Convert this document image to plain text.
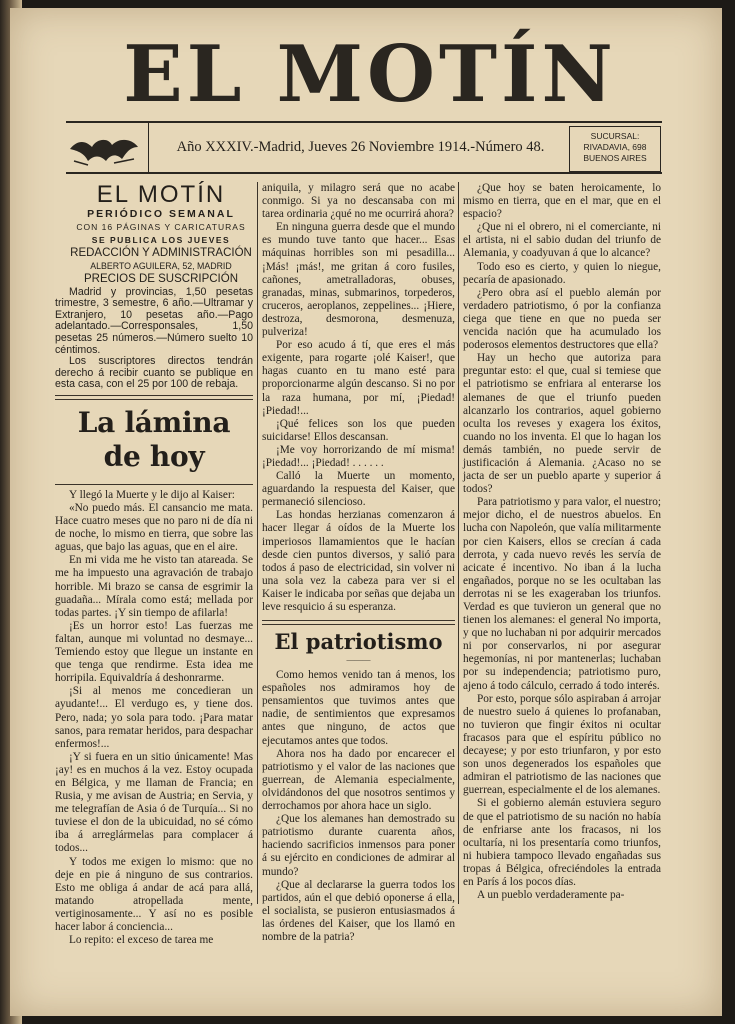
EL MOTÍN
Año XXXIV.-Madrid, Jueves 26 Noviembre 1914.-Número 48.
SUCURSAL:
RIVADAVIA, 698
BUENOS AIRES

EL MOTÍN

PERIÓDICO SEMANAL

CON 16 PÁGINAS Y CARICATURAS

SE PUBLICA LOS JUEVES

REDACCIÓN Y ADMINISTRACIÓN

ALBERTO AGUILERA, 52, MADRID

PRECIOS DE SUSCRIPCIÓN

Madrid y provincias, 1,50 pesetas trimestre, 3 semestre, 6 año.—Ultramar y Extranjero, 10 pesetas año.—Pago adelantado.—Corresponsales, 1,50 pesetas 25 números.—Número suelto 10 céntimos.

Los suscriptores directos tendrán derecho á recibir cuanto se publique en esta casa, con el 25 por 100 de rebaja.

La lámina de hoy

Y llegó la Muerte y le dijo al Kaiser:

«No puedo más. El cansancio me mata. Hace cuatro meses que no paro ni de día ni de noche, lo mismo en tierra, que sobre las aguas, que bajo las aguas, que en el aire.

En mi vida me he visto tan atareada. Se me ha impuesto una agravación de trabajo horrible. Mi brazo se cansa de esgrimir la guadaña... Mírala como está; mellada por todas partes. ¡Y sin tiempo de afilarla!

¡Es un horror esto! Las fuerzas me faltan, aunque mi voluntad no desmaye... Temiendo estoy que llegue un instante en que tenga que rendirme. Esta idea me horripila. Equivaldría á deshonrarme.

¡Si al menos me concedieran un ayudante!... El verdugo es, y tiene dos. Pero, nada; yo sola para todo. ¡Para matar sanos, para rematar heridos, para despachar enfermos!...

¡Y si fuera en un sitio únicamente! Mas ¡ay! es en muchos á la vez. Estoy ocupada en Bélgica, y me llaman de Francia; en Rusia, y me avisan de Austria; en Servia, y me telegrafían de Asia ó de Turquía... Si no tuviese el don de la ubicuidad, no sé cómo iba á arreglármelas para complacer á todos...

Y todos me exigen lo mismo: que no deje en pie á ninguno de sus contrarios. Esto me obliga á andar de acá para allá, matando atropellada mente, vertiginosamente... Y así no es posible hacer labor á conciencia...

Lo repito: el exceso de tarea me

aniquila, y milagro será que no acabe conmigo. Si ya no descansaba con mi tarea ordinaria ¿qué no me ocurrirá ahora?

En ninguna guerra desde que el mundo es mundo tuve tanto que hacer... Esas máquinas horribles son mi pesadilla... ¡Más! ¡más!, me gritan á coro fusiles, cañones, ametralladoras, obuses, granadas, minas, submarinos, torpederos, cruceros, aeroplanos, zeppelines... ¡Hiere, destroza, desmorona, desmenuza, pulveriza!

Por eso acudo á tí, que eres el más exigente, para rogarte ¡olé Kaiser!, que hagas cuanto en tu mano esté para proporcionarme algún descanso. Si no por la raza humana, por mí, ¡Piedad! ¡Piedad!...

¡Qué felices son los que pueden suicidarse! Ellos descansan.

¡Me voy horrorizando de mí misma! ¡Piedad!... ¡Piedad! . . . . . .

Calló la Muerte un momento, aguardando la respuesta del Kaiser, que permaneció silencioso.

Las hondas herzianas comenzaron á hacer llegar á oídos de la Muerte los imperiosos llamamientos que le hacían desde cien puntos diversos, y salió para todos á paso de electricidad, sin volver ni una sola vez la cabeza para ver si el Kaiser le indicaba por señas que dejaba un leve resquicio á su esperanza.

El patriotismo
———

Como hemos venido tan á menos, los españoles nos admiramos hoy de pensamientos que tuvimos antes que nadie, de sentimientos que expresamos antes que ninguno, de actos que ejecutamos antes que todos.

Ahora nos ha dado por encarecer el patriotismo y el valor de las naciones que guerrean, de Alemania especialmente, olvidándonos del que nosotros sentimos y derrochamos por ahora hace un siglo.

¿Que los alemanes han demostrado su patriotismo durante cuarenta años, haciendo sacrificios inmensos para poner á su ejército en condiciones de admirar al mundo?

¿Que al declararse la guerra todos los partidos, aún el que debió oponerse á ella, el socialista, se pusieron entusiasmados á las órdenes del Kaiser, que los llamó en nombre de la patria?

¿Que hoy se baten heroicamente, lo mismo en tierra, que en el mar, que en el espacio?

¿Que ni el obrero, ni el comerciante, ni el artista, ni el sabio dudan del triunfo de Alemania, y coadyuvan á que lo alcance?

Todo eso es cierto, y quien lo niegue, pecaría de apasionado.

¿Pero obra así el pueblo alemán por verdadero patriotismo, ó por la confianza ciega que tiene en que no pueda ser vencida nación que ha acumulado los poderosos elementos destructores que ella?

Hay un hecho que autoriza para preguntar esto: el que, cual si temiese que el patriotismo se enfriara al enterarse los alemanes de que el triunfo pueden alcanzarlo los contrarios, aquel gobierno oculta los reveses y exagera los éxitos, cuando no los inventa. El que lo hagan los demás también, no puede servir de justificación á Alemania. ¿Acaso no se jacta de ser un pueblo aparte y superior á todos?

Para patriotismo y para valor, el nuestro; mejor dicho, el de nuestros abuelos. En lucha con Napoleón, que valía militarmente por cien Kaisers, ellos se crecían á cada derrota, y cada nuevo revés les servía de acicate é incentivo. No iban á la lucha engañados, porque no se les ocultaban las derrotas ni se les exageraban los triunfos. Verdad es que tuvieron un general que no tienen los alemanes: el general No importa, y que no luchaban ni por adquirir mercados ni por conservarlos, ni por asegurar hegemonías, ni por mantenerlas; luchaban por su independencia; patriotismo puro, ajeno á todo cálculo, cerrado á todo interés.

Por esto, porque sólo aspiraban á arrojar de nuestro suelo á quienes lo profanaban, no tuvieron que fingir éxitos ni ocultar fracasos para que el espíritu público no decayese; y por esto triunfaron, y por esto son unos degenerados los españoles que admiran el patriotismo de las naciones que guerrean, especialmente el de los alemanes.

Si el gobierno alemán estuviera seguro de que el patriotismo de su nación no había de enfriarse ante los fracasos, ni los ocultaría, ni los presentaría como triunfos, ni hubiera tampoco llevado engañadas sus tropas á Bélgica, ofreciéndoles la entrada en París á los pocos días.

A un pueblo verdaderamente pa-
